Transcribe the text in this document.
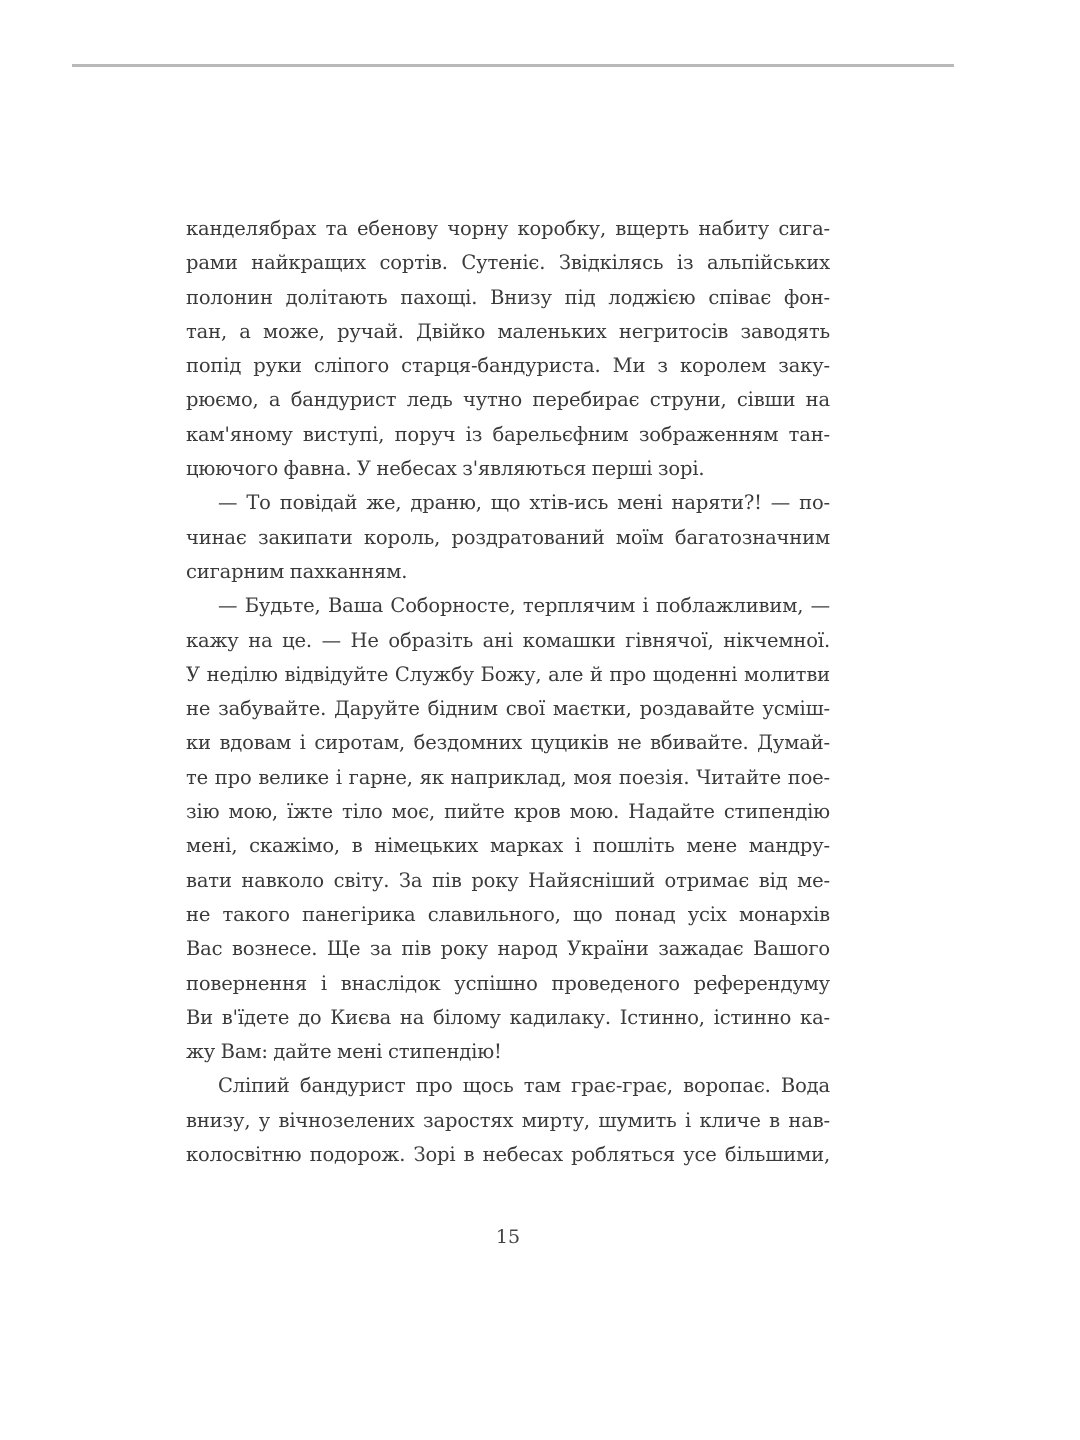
канделябрах та ебенову чорну коробку, вщерть набиту сига-
рами найкращих сортів. Сутеніє. Звідкілясь із альпійських
полонин долітають пахощі. Внизу під лоджією співає фон-
тан, а може, ручай. Двійко маленьких негритосів заводять
попід руки сліпого старця-бандуриста. Ми з королем заку-
рюємо, а бандурист ледь чутно перебирає струни, сівши на
кам'яному виступі, поруч із барельєфним зображенням тан-
цюючого фавна. У небесах з'являються перші зорі.
— То повідай же, дрaню, що хтів-ись мені наряти?! — по-
чинає закипати король, роздратований моїм багатозначним
сигарним пахканням.
— Будьте, Ваша Соборносте, терплячим і поблажливим, —
кажу на це. — Не образіть ані комашки гівнячої, нікчемної.
У неділю відвідуйте Службу Божу, але й про щоденні молитви
не забувайте. Даруйте бідним свої маєтки, роздавайте усміш-
ки вдовам і сиротам, бездомних цуциків не вбивайте. Думай-
те про велике і гарне, як наприклад, моя поезія. Читайте пое-
зію мою, їжте тіло моє, пийте кров мою. Надайте стипендію
мені, скажімо, в німецьких марках і пошліть мене мандру-
вати навколо світу. За пів року Найясніший отримає від ме-
не такого панегірика славильного, що понад усіх монархів
Вас вознесе. Ще за пів року народ України зажадає Вашого
повернення і внаслідок успішно проведеного референдуму
Ви в'їдете до Києва на білому кадилаку. Істинно, істинно ка-
жу Вам: дайте мені стипендію!
Сліпий бандурист про щось там грає-грає, воропає. Вода
внизу, у вічнозелених заростях мирту, шумить і кличе в нав-
колосвітню подорож. Зорі в небесах робляться усе більшими,
15
